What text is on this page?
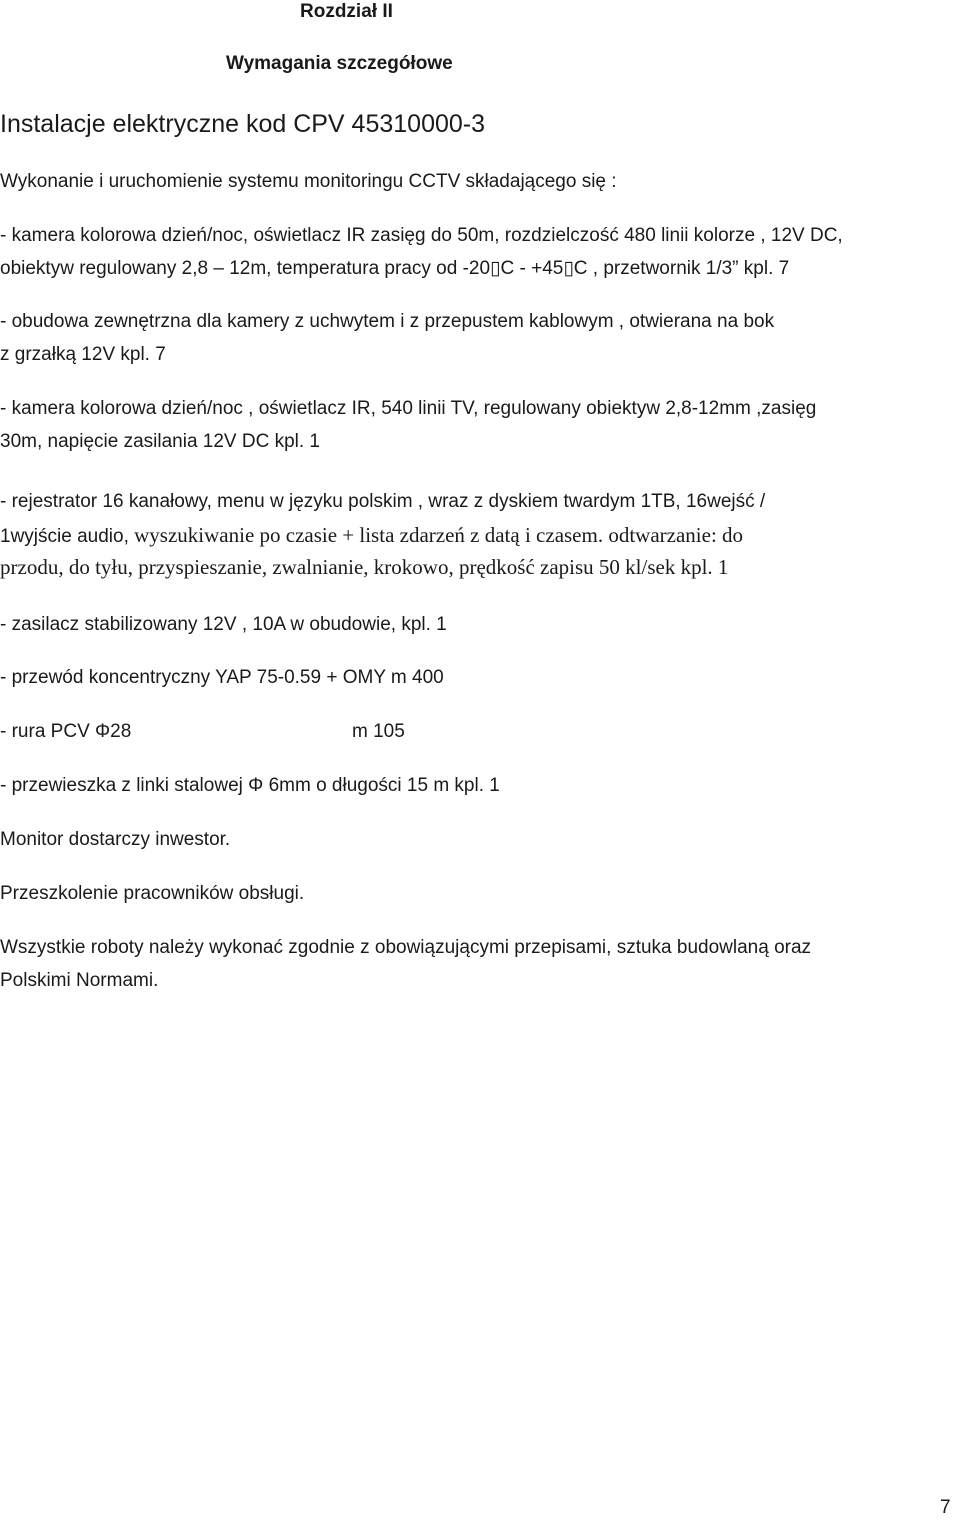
Rozdział II
Wymagania szczegółowe
Instalacje elektryczne kod CPV 45310000-3
Wykonanie i uruchomienie systemu monitoringu CCTV składającego się :
- kamera kolorowa dzień/noc, oświetlacz IR zasięg do 50m, rozdzielczość 480 linii kolorze , 12V DC,
obiektyw regulowany 2,8 – 12m, temperatura pracy od -20▯C - +45▯C , przetwornik 1/3” kpl. 7
- obudowa zewnętrzna dla kamery z uchwytem i z przepustem kablowym , otwierana na bok
z grzałką 12V kpl. 7
- kamera kolorowa dzień/noc , oświetlacz IR, 540 linii TV, regulowany obiektyw 2,8-12mm ,zasięg
30m, napięcie zasilania 12V DC kpl. 1
- rejestrator 16 kanałowy, menu w języku polskim , wraz z dyskiem twardym 1TB, 16wejść /
1wyjście audio, wyszukiwanie po czasie + lista zdarzeń z datą i czasem. odtwarzanie: do
przodu, do tyłu, przyspieszanie, zwalnianie, krokowo, prędkość zapisu 50 kl/sek kpl. 1
- zasilacz stabilizowany 12V , 10A w obudowie, kpl. 1
- przewód koncentryczny YAP 75-0.59 + OMY m 400
- rura PCV Φ28	m 105
- przewieszka z linki stalowej Φ 6mm o długości 15 m kpl. 1
Monitor dostarczy inwestor.
Przeszkolenie pracowników obsługi.
Wszystkie roboty należy wykonać zgodnie z obowiązującymi przepisami, sztuka budowlaną oraz
Polskimi Normami.
7
